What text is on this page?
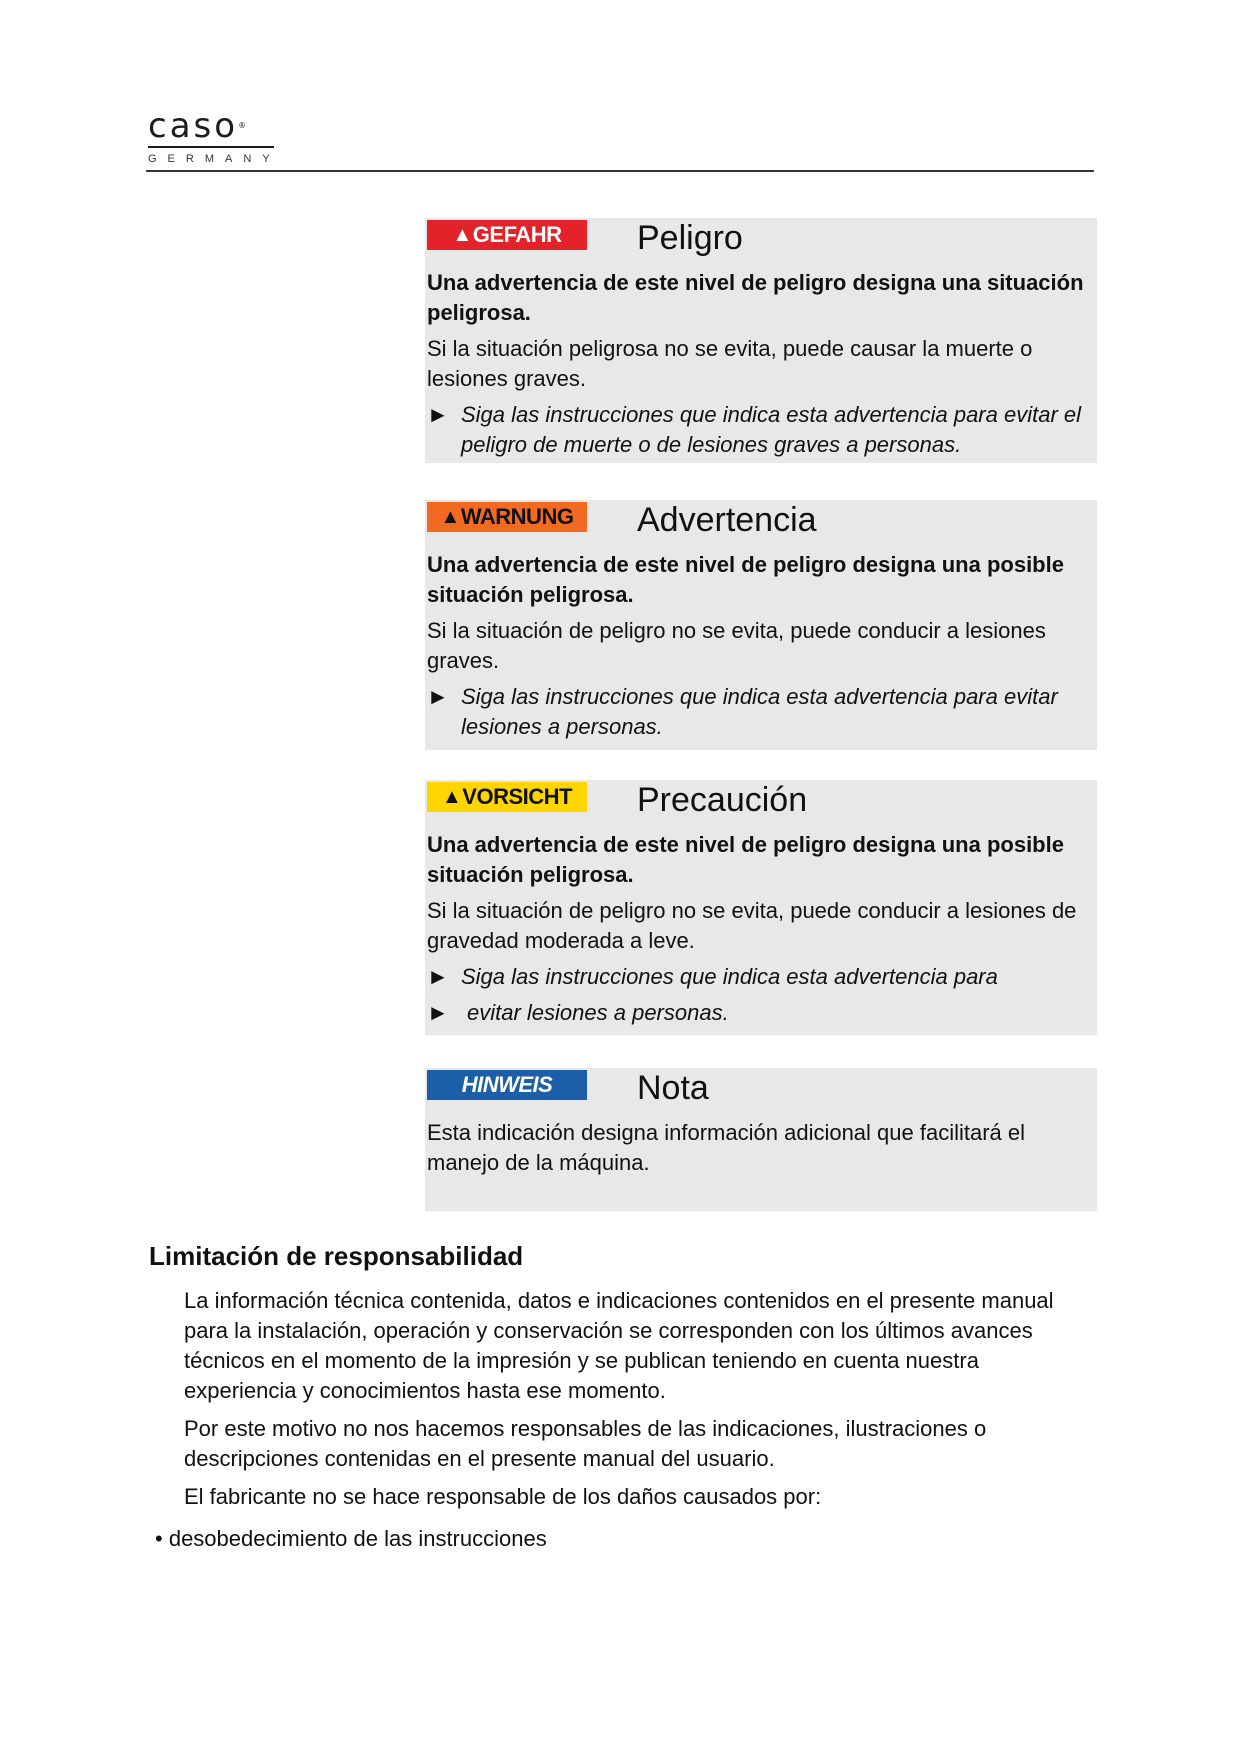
caso®
GERMANY
▲ GEFAHR Peligro

Una advertencia de este nivel de peligro designa una situación peligrosa.

Si la situación peligrosa no se evita, puede causar la muerte o lesiones graves.

► Siga las instrucciones que indica esta advertencia para evitar el peligro de muerte o de lesiones graves a personas.
▲ WARNUNG Advertencia

Una advertencia de este nivel de peligro designa una posible situación peligrosa.

Si la situación de peligro no se evita, puede conducir a lesiones graves.

► Siga las instrucciones que indica esta advertencia para evitar lesiones a personas.
▲ VORSICHT Precaución

Una advertencia de este nivel de peligro designa una posible situación peligrosa.

Si la situación de peligro no se evita, puede conducir a lesiones de gravedad moderada a leve.

► Siga las instrucciones que indica esta advertencia para
► evitar lesiones a personas.
HINWEIS Nota

Esta indicación designa información adicional que facilitará el manejo de la máquina.

Limitación de responsabilidad

La información técnica contenida, datos e indicaciones contenidos en el presente manual para la instalación, operación y conservación se corresponden con los últimos avances técnicos en el momento de la impresión y se publican teniendo en cuenta nuestra experiencia y conocimientos hasta ese momento.

Por este motivo no nos hacemos responsables de las indicaciones, ilustraciones o descripciones contenidas en el presente manual del usuario.

El fabricante no se hace responsable de los daños causados por:

• desobedecimiento de las instrucciones
